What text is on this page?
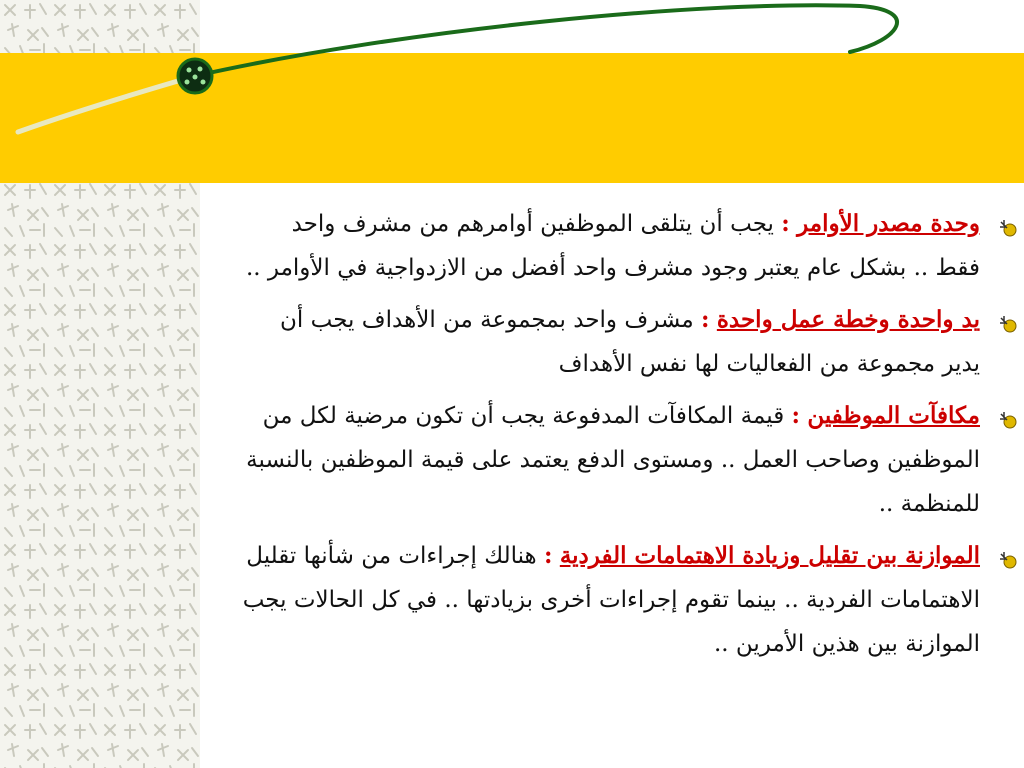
وحدة مصدر الأوامر : يجب أن يتلقى الموظفين أوامرهم من مشرف واحد فقط .. بشكل عام يعتبر وجود مشرف واحد أفضل من الازدواجية في الأوامر ..

يد واحدة وخطة عمل واحدة : مشرف واحد بمجموعة من الأهداف يجب أن يدير مجموعة من الفعاليات لها نفس الأهداف

مكافآت الموظفين : قيمة المكافآت المدفوعة يجب أن تكون مرضية لكل من الموظفين وصاحب العمل .. ومستوى الدفع يعتمد على قيمة الموظفين بالنسبة للمنظمة ..

الموازنة بين تقليل وزيادة الاهتمامات الفردية : هنالك إجراءات من شأنها تقليل الاهتمامات الفردية .. بينما تقوم إجراءات أخرى بزيادتها .. في كل الحالات يجب الموازنة بين هذين الأمرين ..
